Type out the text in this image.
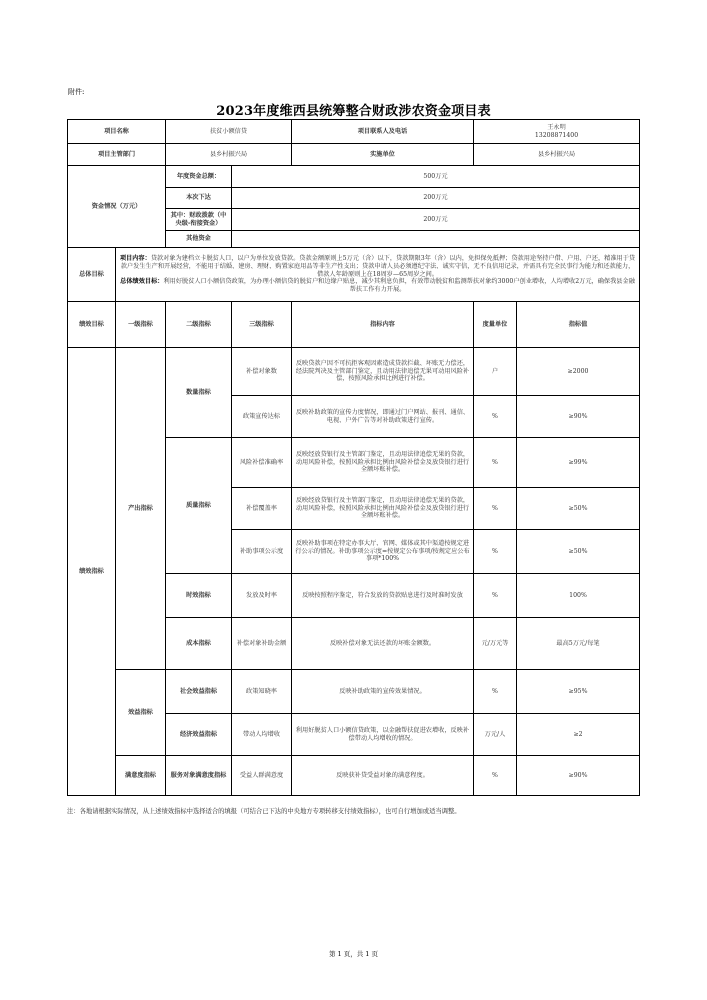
附件:
2023年度维西县统筹整合财政涉农资金项目表
项目名称		扶贫小额信贷		项目联系人及电话	王永明
13208871400	

项目主管部门		县乡村振兴局		实施单位	县乡村振兴局	
资金情况（万元）		年度资金总额：	500万元			
		本次下达	200万元			
		其中：财政拨款（中央级-衔接资金）	200万元			
		其他资金				
总体目标	项目内容：贷款对象为建档立卡脱贫人口，以户为单位发放贷款。贷款金额原则上5万元（含）以下，贷款期限3年（含）以内，免担保免抵押；贷款用途坚持户借、户用、户还，精准用于贷款户发生生产和开展经营，不能用于结婚、建房、理财、购置家庭用品等非生产性支出；贷款申请人员必须遵纪守法、诚实守信，无不良信用记录，并需具有完全民事行为能力和还款能力，借款人年龄原则上在18周岁—65周岁之间。
总体绩效目标：利用好脱贫人口小额信贷政策，为办理小额信贷的脱贫户和边缘户贴息，减少其利息负担，有效带动脱贫和监测帮扶对象约3000户创业增收，人均增收2万元，确保我县金融帮扶工作有力开展。					
绩效目标	一级指标	二级指标	三级指标	指标内容	度量单位	指标值
绩效指标	产出指标	数量指标	补偿对象数	反映贷款户因不可抗拒客观因素造成贷款拦截、坏账无力偿还，经法院判决及主管部门鉴定，且动用法律追偿无果可动用风险补偿，按照风险承担比例进行补偿。	户	≥2000
			政策宣传达标	反映补助政策的宣传力度情况，即通过门户网站、报刊、通信、电视、户外广告等对补助政策进行宣传。	%	≥90%
		质量指标	风险补偿准确率	反映经放贷银行及主管部门鉴定，且动用法律追偿无果的贷款，动用风险补偿，按照风险承担比例由风险补偿金及放贷银行进行全额坏账补偿。	%	≥99%
			补偿覆盖率	反映经放贷银行及主管部门鉴定，且动用法律追偿无果的贷款，动用风险补偿，按照风险承担比例由风险补偿金及放贷银行进行全额坏账补偿。	%	≥50%
			补助事项公示度	反映补助事项在特定办事大厅、官网、媒体或其中渠道按规定进行公示的情况。补助事项公示度=按规定公布事项/按规定应公布事项*100%	%	≥50%
		时效指标	发放及时率	反映按照程序鉴定，符合发放的贷款贴息进行及时准时发放	%	100%
		成本指标	补偿对象补助金额	反映补偿对象无法还款的坏账金额数。	元/万元等	最高5万元/每笔
	效益指标	社会效益指标	政策知晓率	反映补助政策的宣传效果情况。	%	≥95%
		经济效益指标	带动人均增收	利用好脱贫人口小额信贷政策，以金融帮扶促进农增收，反映补偿带动人均增收的情况。	万元/人	≥2
	满意度指标	服务对象满意度指标	受益人群满意度	反映获补贷受益对象的满意程度。	%	≥90%
注：各地请根据实际情况，从上述绩效指标中选择适合的填报（可结合已下达的中央地方专项转移支付绩效指标），也可自行增加或适当调整。
第 1 页，共 1 页
